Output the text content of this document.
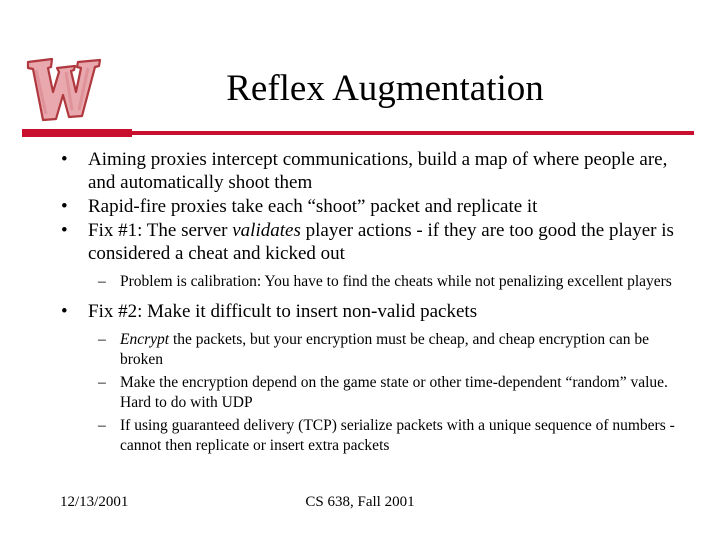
Reflex Augmentation
• Aiming proxies intercept communications, build a map of where people are, and automatically shoot them
• Rapid-fire proxies take each “shoot” packet and replicate it
• Fix #1: The server validates player actions - if they are too good the player is considered a cheat and kicked out
– Problem is calibration: You have to find the cheats while not penalizing excellent players
• Fix #2: Make it difficult to insert non-valid packets
– Encrypt the packets, but your encryption must be cheap, and cheap encryption can be broken
– Make the encryption depend on the game state or other time-dependent “random” value. Hard to do with UDP
– If using guaranteed delivery (TCP) serialize packets with a unique sequence of numbers - cannot then replicate or insert extra packets
12/13/2001	CS 638, Fall 2001
